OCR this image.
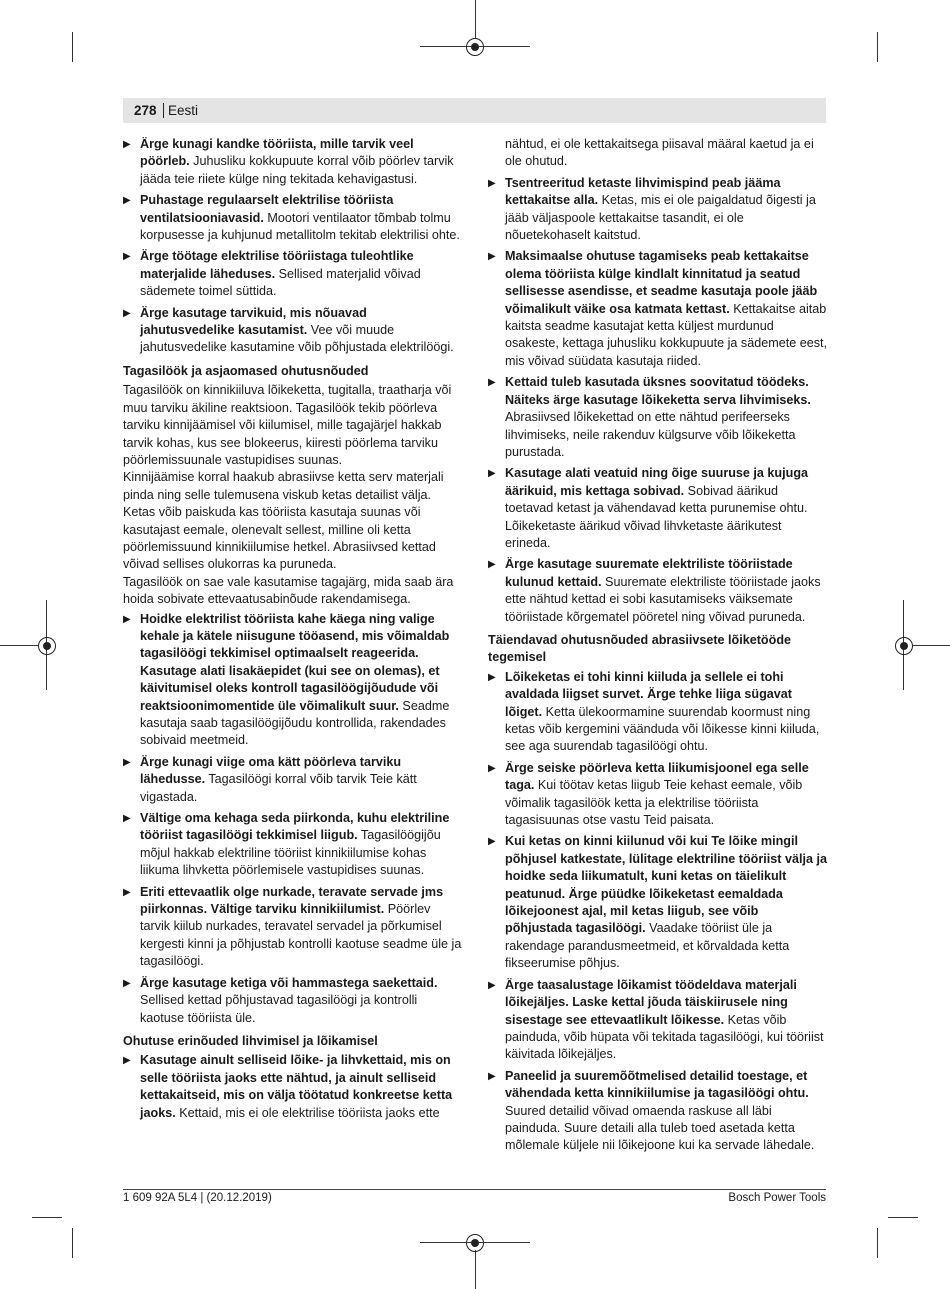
278 Eesti
▶ Ärge kunagi kandke tööriista, mille tarvik veel pöörleb. Juhusliku kokkupuute korral võib pöörlev tarvik jääda teie riiete külge ning tekitada kehavigastusi.
▶ Puhastage regulaarselt elektrilise tööriista ventilatsiooniavasid. Mootori ventilaator tõmbab tolmu korpusesse ja kuhjunud metallitolm tekitab elektrilisi ohte.
▶ Ärge töötage elektrilise tööriistaga tuleohtlike materjalide läheduses. Sellised materjalid võivad sädemete toimel süttida.
▶ Ärge kasutage tarvikuid, mis nõuavad jahutusvedelike kasutamist. Vee või muude jahutusvedelike kasutamine võib põhjustada elektrilöögi.
Tagasilöök ja asjaomased ohutusnõuded
Tagasilöök on kinnikiiluva lõikeketta, tugitalla, traatharja või muu tarviku äkiline reaktsioon. Tagasilöök tekib pöörleva tarviku kinnijäämisel või kiilumisel, mille tagajärjel hakkab tarvik kohas, kus see blokeerus, kiiresti pöörlema tarviku pöörlemissuunale vastupidises suunas.
Kinnijäämise korral haakub abrasiivse ketta serv materjali pinda ning selle tulemusena viskub ketas detailist välja. Ketas võib paiskuda kas tööriista kasutaja suunas või kasutajast eemale, olenevalt sellest, milline oli ketta pöörlemissuund kinnikiilumise hetkel. Abrasiivsed kettad võivad sellises olukorras ka puruneda.
Tagasilöök on sae vale kasutamise tagajärg, mida saab ära hoida sobivate ettevaatusabinõude rakendamisega.
▶ Hoidke elektrilist tööriista kahe käega ning valige kehale ja kätele niisugune tööasend, mis võimaldab tagasilöögi tekkimisel optimaalselt reageerida. Kasutage alati lisakäepidet (kui see on olemas), et käivitumisel oleks kontroll tagasilöögijõudude või reaktsioonimomentide üle võimalikult suur. Seadme kasutaja saab tagasilöögijõudu kontrollida, rakendades sobivaid meetmeid.
▶ Ärge kunagi viige oma kätt pöörleva tarviku lähedusse. Tagasilöögi korral võib tarvik Teie kätt vigastada.
▶ Vältige oma kehaga seda piirkonda, kuhu elektriline tööriist tagasilöögi tekkimisel liigub. Tagasilöögijõu mõjul hakkab elektriline tööriist kinnikiilumise kohas liikuma lihvketta pöörlemisele vastupidises suunas.
▶ Eriti ettevaatlik olge nurkade, teravate servade jms piirkonnas. Vältige tarviku kinnikiilumist. Pöörlev tarvik kiilub nurkades, teravatel servadel ja põrkumisel kergesti kinni ja põhjustab kontrolli kaotuse seadme üle ja tagasilöögi.
▶ Ärge kasutage ketiga või hammastega saekettaid. Sellised kettad põhjustavad tagasilöögi ja kontrolli kaotuse tööriista üle.
Ohutuse erinõuded lihvimisel ja lõikamisel
▶ Kasutage ainult selliseid lõike- ja lihvkettaid, mis on selle tööriista jaoks ette nähtud, ja ainult selliseid kettakaitseid, mis on välja töötatud konkreetse ketta jaoks. Kettaid, mis ei ole elektrilise tööriista jaoks ette
nähtud, ei ole kettakaitsega piisaval määral kaetud ja ei ole ohutud.
▶ Tsentreeritud ketaste lihvimispind peab jääma kettakaitse alla. Ketas, mis ei ole paigaldatud õigesti ja jääb väljaspoole kettakaitse tasandit, ei ole nõuetekohaselt kaitstud.
▶ Maksimaalse ohutuse tagamiseks peab kettakaitse olema tööriista külge kindlalt kinnitatud ja seatud sellisesse asendisse, et seadme kasutaja poole jääb võimalikult väike osa katmata kettast. Kettakaitse aitab kaitsta seadme kasutajat ketta küljest murdunud osakeste, kettaga juhusliku kokkupuute ja sädemete eest, mis võivad süüdata kasutaja riided.
▶ Kettaid tuleb kasutada üksnes soovitatud töödeks. Näiteks ärge kasutage lõikeketta serva lihvimiseks. Abrasiivsed lõikekettad on ette nähtud perifeerseks lihvimiseks, neile rakenduv külgsurve võib lõikeketta purustada.
▶ Kasutage alati veatuid ning õige suuruse ja kujuga äärikuid, mis kettaga sobivad. Sobivad äärikud toetavad ketast ja vähendavad ketta purunemise ohtu. Lõikeketaste äärikud võivad lihvketaste äärikutest erineda.
▶ Ärge kasutage suuremate elektriliste tööriistade kulunud kettaid. Suuremate elektriliste tööriistade jaoks ette nähtud kettad ei sobi kasutamiseks väiksemate tööriistade kõrgematel pööretel ning võivad puruneda.
Täiendavad ohutusnõuded abrasiivsete lõiketööde tegemisel
▶ Lõikeketas ei tohi kinni kiiluda ja sellele ei tohi avaldada liigset survet. Ärge tehke liiga sügavat lõiget. Ketta ülekoormamine suurendab koormust ning ketas võib kergemini väänduda või lõikesse kinni kiiluda, see aga suurendab tagasilöögi ohtu.
▶ Ärge seiske pöörleva ketta liikumisjoonel ega selle taga. Kui töötav ketas liigub Teie kehast eemale, võib võimalik tagasilöök ketta ja elektrilise tööriista tagasisuunas otse vastu Teid paisata.
▶ Kui ketas on kinni kiilunud või kui Te lõike mingil põhjusel katkestate, lülitage elektriline tööriist välja ja hoidke seda liikumatult, kuni ketas on täielikult peatunud. Ärge püüdke lõikeketast eemaldada lõikejoonest ajal, mil ketas liigub, see võib põhjustada tagasilöögi. Vaadake tööriist üle ja rakendage parandusmeetmeid, et kõrvaldada ketta fikseerumise põhjus.
▶ Ärge taasalustage lõikamist töödeldava materjali lõikejäljes. Laske kettal jõuda täiskiirusele ning sisestage see ettevaatlikult lõikesse. Ketas võib painduda, võib hüpata või tekitada tagasilöögi, kui tööriist käivitada lõikejäljes.
▶ Paneelid ja suuremõõtmelised detailid toestage, et vähendada ketta kinnikiilumise ja tagasilöögi ohtu. Suured detailid võivad omaenda raskuse all läbi painduda. Suure detaili alla tuleb toed asetada ketta mõlemale küljele nii lõikejoone kui ka servade lähedale.
1 609 92A 5L4 | (20.12.2019)	Bosch Power Tools
